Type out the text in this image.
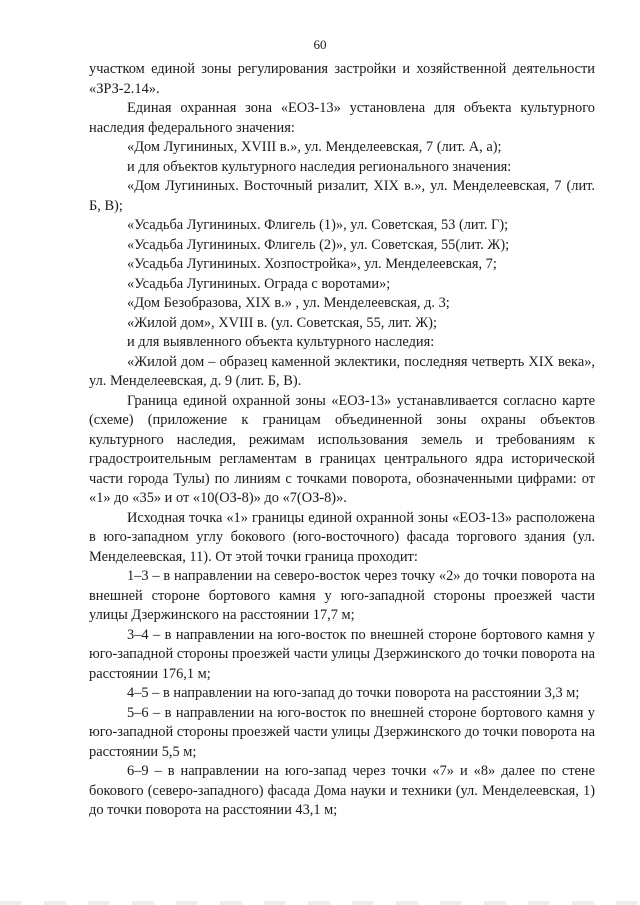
60

участком единой зоны регулирования застройки и хозяйственной деятельности «ЗРЗ-2.14».

Единая охранная зона «ЕОЗ-13» установлена для объекта культурного наследия федерального значения:

«Дом Лугининых, XVIII в.», ул. Менделеевская, 7 (лит. А, а);

и для объектов культурного наследия регионального значения:

«Дом Лугининых. Восточный ризалит, XIX в.», ул. Менделеевская, 7 (лит. Б, В);

«Усадьба Лугининых. Флигель (1)», ул. Советская, 53 (лит. Г);

«Усадьба Лугининых. Флигель (2)», ул. Советская, 55(лит. Ж);

«Усадьба Лугининых. Хозпостройка», ул. Менделеевская, 7;

«Усадьба Лугининых. Ограда с воротами»;

«Дом Безобразова, XIX в.» , ул. Менделеевская, д. 3;

«Жилой дом», XVIII в. (ул. Советская, 55, лит. Ж);

и для выявленного объекта культурного наследия:

«Жилой дом – образец каменной эклектики, последняя четверть XIX века», ул. Менделеевская, д. 9 (лит. Б, В).

Граница единой охранной зоны «ЕОЗ-13» устанавливается согласно карте (схеме) (приложение к границам объединенной зоны охраны объектов культурного наследия, режимам использования земель и требованиям к градостроительным регламентам в границах центрального ядра исторической части города Тулы) по линиям с точками поворота, обозначенными цифрами: от «1» до «35» и от «10(ОЗ-8)» до «7(ОЗ-8)».

Исходная точка «1» границы единой охранной зоны «ЕОЗ-13» расположена в юго-западном углу бокового (юго-восточного) фасада торгового здания (ул. Менделеевская, 11). От этой точки граница проходит:

1–3 – в направлении на северо-восток через точку «2» до точки поворота на внешней стороне бортового камня у юго-западной стороны проезжей части улицы Дзержинского на расстоянии 17,7 м;

3–4 – в направлении на юго-восток по внешней стороне бортового камня у юго-западной стороны проезжей части улицы Дзержинского до точки поворота на расстоянии 176,1 м;

4–5 – в направлении на юго-запад до точки поворота на расстоянии 3,3 м;

5–6 – в направлении на юго-восток по внешней стороне бортового камня у юго-западной стороны проезжей части улицы Дзержинского до точки поворота на расстоянии 5,5 м;

6–9 – в направлении на юго-запад через точки «7» и «8» далее по стене бокового (северо-западного) фасада Дома науки и техники (ул. Менделеевская, 1) до точки поворота на расстоянии 43,1 м;
